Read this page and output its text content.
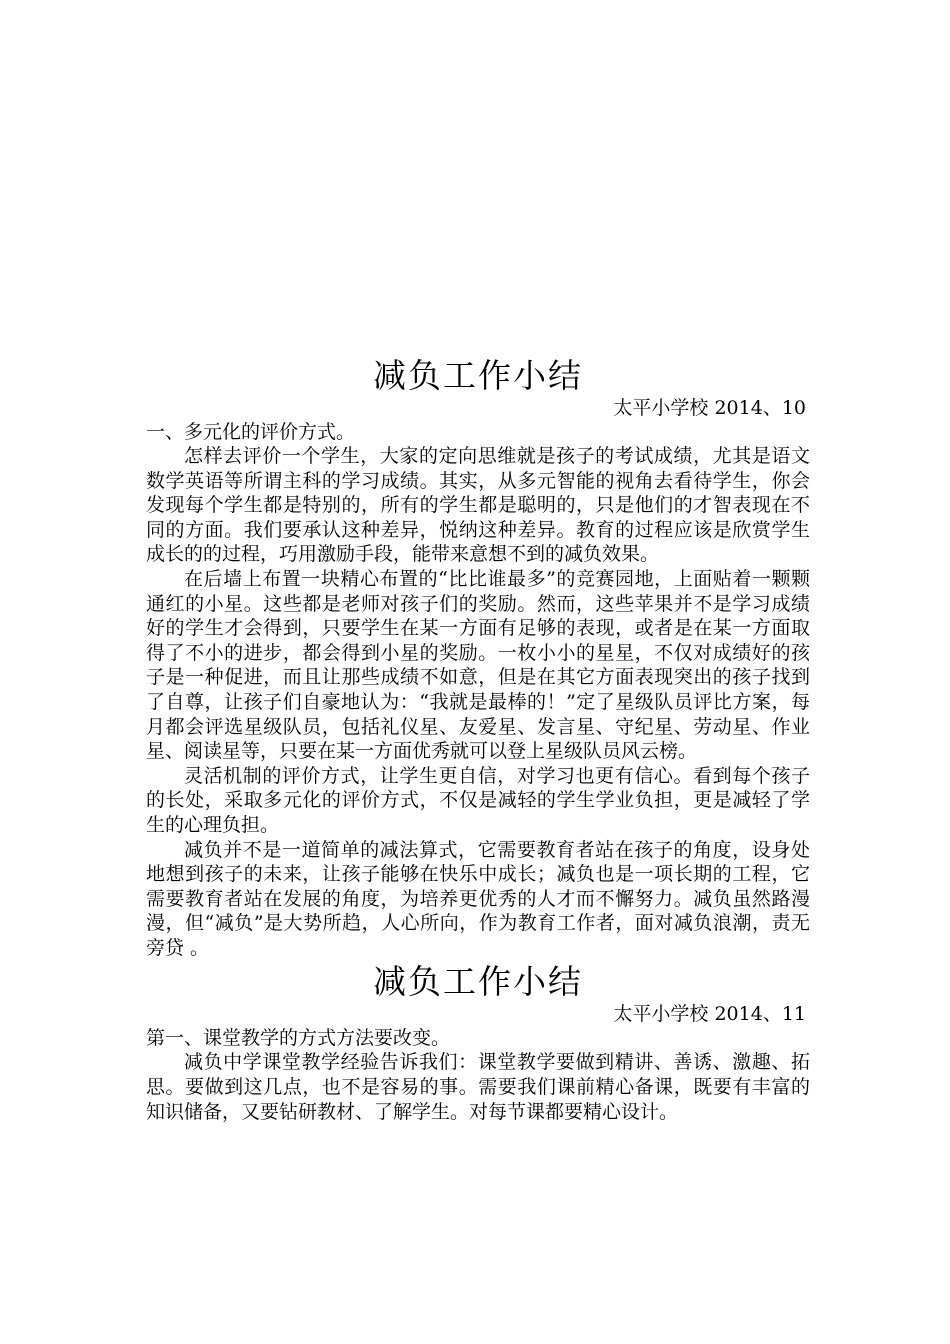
减负工作小结
太平小学校 2014、10

一、多元化的评价方式。

怎样去评价一个学生，大家的定向思维就是孩子的考试成绩，尤其是语文数学英语等所谓主科的学习成绩。其实，从多元智能的视角去看待学生，你会发现每个学生都是特别的，所有的学生都是聪明的，只是他们的才智表现在不同的方面。我们要承认这种差异，悦纳这种差异。教育的过程应该是欣赏学生成长的的过程，巧用激励手段，能带来意想不到的减负效果。

在后墙上布置一块精心布置的“比比谁最多”的竞赛园地，上面贴着一颗颗通红的小星。这些都是老师对孩子们的奖励。然而，这些苹果并不是学习成绩好的学生才会得到，只要学生在某一方面有足够的表现，或者是在某一方面取得了不小的进步，都会得到小星的奖励。一枚小小的星星，不仅对成绩好的孩子是一种促进，而且让那些成绩不如意，但是在其它方面表现突出的孩子找到了自尊，让孩子们自豪地认为：“我就是最棒的！”定了星级队员评比方案，每月都会评选星级队员，包括礼仪星、友爱星、发言星、守纪星、劳动星、作业星、阅读星等，只要在某一方面优秀就可以登上星级队员风云榜。

灵活机制的评价方式，让学生更自信，对学习也更有信心。看到每个孩子的长处，采取多元化的评价方式，不仅是减轻的学生学业负担，更是减轻了学生的心理负担。

减负并不是一道简单的减法算式，它需要教育者站在孩子的角度，设身处地想到孩子的未来，让孩子能够在快乐中成长；减负也是一项长期的工程，它需要教育者站在发展的角度，为培养更优秀的人才而不懈努力。减负虽然路漫漫，但“减负”是大势所趋，人心所向，作为教育工作者，面对减负浪潮，责无旁贷 。

减负工作小结
太平小学校 2014、11

第一、课堂教学的方式方法要改变。

减负中学课堂教学经验告诉我们：课堂教学要做到精讲、善诱、激趣、拓思。要做到这几点，也不是容易的事。需要我们课前精心备课，既要有丰富的知识储备，又要钻研教材、了解学生。对每节课都要精心设计。
